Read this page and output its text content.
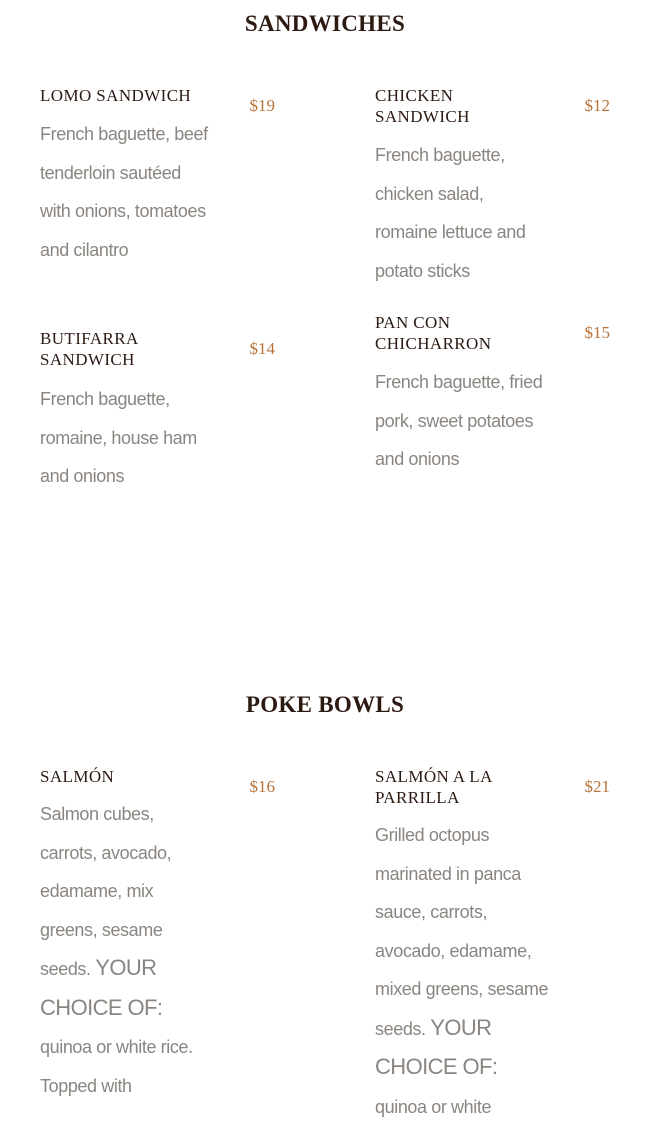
SANDWICHES
LOMO SANDWICH
$19
French baguette, beef tenderloin sautéed with onions, tomatoes and cilantro
CHICKEN SANDWICH
$12
French baguette, chicken salad, romaine lettuce and potato sticks
BUTIFARRA SANDWICH
$14
French baguette, romaine, house ham and onions
PAN CON CHICHARRON
$15
French baguette, fried pork, sweet potatoes and onions
POKE BOWLS
SALMÓN
$16
Salmon cubes, carrots, avocado, edamame, mix greens, sesame seeds. YOUR CHOICE OF: quinoa or white rice. Topped with
SALMÓN A LA PARRILLA
$21
Grilled octopus marinated in panca sauce, carrots, avocado, edamame, mixed greens, sesame seeds. YOUR CHOICE OF: quinoa or white
